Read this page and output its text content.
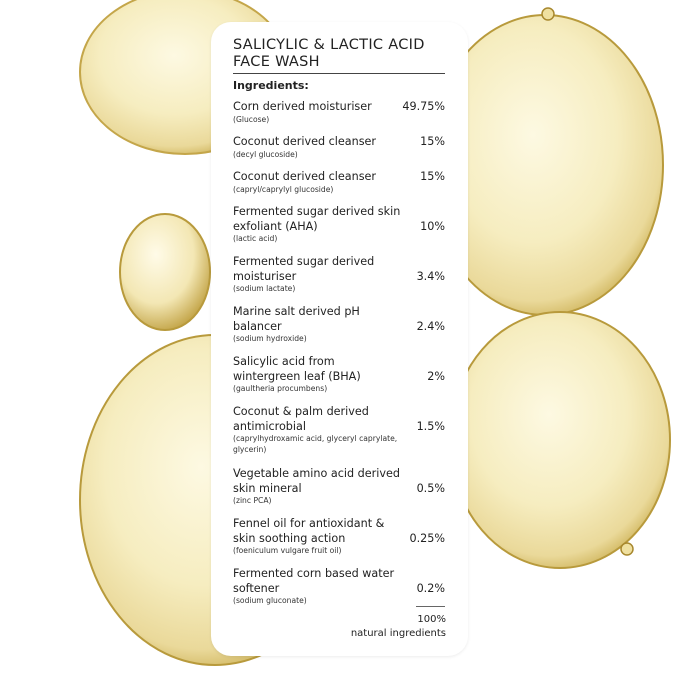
SALICYLIC & LACTIC ACID FACE WASH
Ingredients:
Corn derived moisturiser
(Glucose)
49.75%
Coconut derived cleanser
(decyl glucoside)
15%
Coconut derived cleanser
(capryl/caprylyl glucoside)
15%
Fermented sugar derived skin exfoliant (AHA)
(lactic acid)
10%
Fermented sugar derived moisturiser
(sodium lactate)
3.4%
Marine salt derived pH balancer
(sodium hydroxide)
2.4%
Salicylic acid from wintergreen leaf (BHA)
(gaultheria procumbens)
2%
Coconut & palm derived antimicrobial
(caprylhydroxamic acid, glyceryl caprylate, glycerin)
1.5%
Vegetable amino acid derived skin mineral
(zinc PCA)
0.5%
Fennel oil for antioxidant & skin soothing action
(foeniculum vulgare fruit oil)
0.25%
Fermented corn based water softener
(sodium gluconate)
0.2%
100%
natural ingredients
